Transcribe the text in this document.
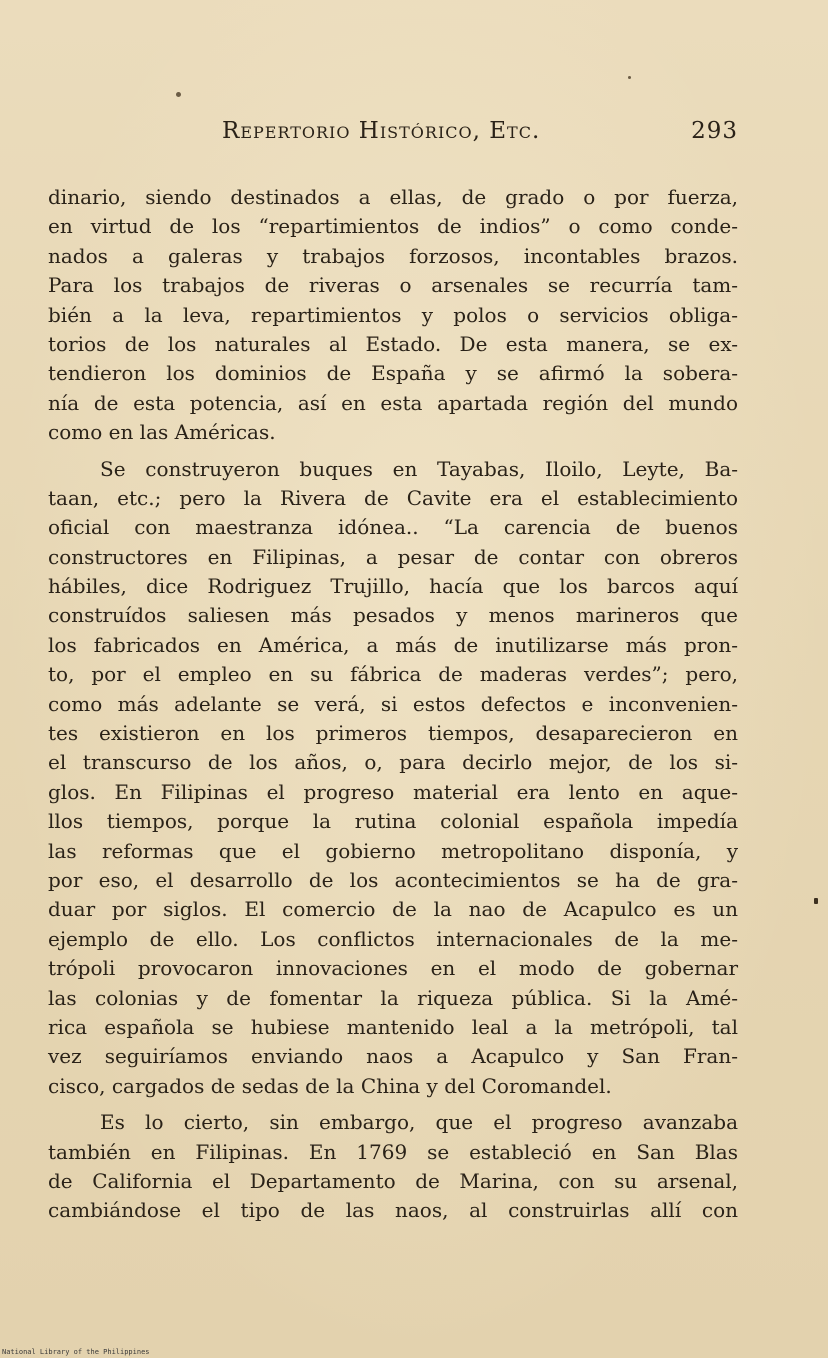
Repertorio Histórico, Etc.	293
dinario, siendo destinados a ellas, de grado o por fuerza,
en virtud de los “repartimientos de indios” o como conde-
nados a galeras y trabajos forzosos, incontables brazos.
Para los trabajos de riveras o arsenales se recurría tam-
bién a la leva, repartimientos y polos o servicios obliga-
torios de los naturales al Estado. De esta manera, se ex-
tendieron los dominios de España y se afirmó la sobera-
nía de esta potencia, así en esta apartada región del mundo
como en las Américas.
Se construyeron buques en Tayabas, Iloilo, Leyte, Ba-
taan, etc.; pero la Rivera de Cavite era el establecimiento
oficial con maestranza idónea.. “La carencia de buenos
constructores en Filipinas, a pesar de contar con obreros
hábiles, dice Rodriguez Trujillo, hacía que los barcos aquí
construídos saliesen más pesados y menos marineros que
los fabricados en América, a más de inutilizarse más pron-
to, por el empleo en su fábrica de maderas verdes”; pero,
como más adelante se verá, si estos defectos e inconvenien-
tes existieron en los primeros tiempos, desaparecieron en
el transcurso de los años, o, para decirlo mejor, de los si-
glos. En Filipinas el progreso material era lento en aque-
llos tiempos, porque la rutina colonial española impedía
las reformas que el gobierno metropolitano disponía, y
por eso, el desarrollo de los acontecimientos se ha de gra-
duar por siglos. El comercio de la nao de Acapulco es un
ejemplo de ello. Los conflictos internacionales de la me-
trópoli provocaron innovaciones en el modo de gobernar
las colonias y de fomentar la riqueza pública. Si la Amé-
rica española se hubiese mantenido leal a la metrópoli, tal
vez seguiríamos enviando naos a Acapulco y San Fran-
cisco, cargados de sedas de la China y del Coromandel.
Es lo cierto, sin embargo, que el progreso avanzaba
también en Filipinas. En 1769 se estableció en San Blas
de California el Departamento de Marina, con su arsenal,
cambiándose el tipo de las naos, al construirlas allí con
National Library of the Philippines
